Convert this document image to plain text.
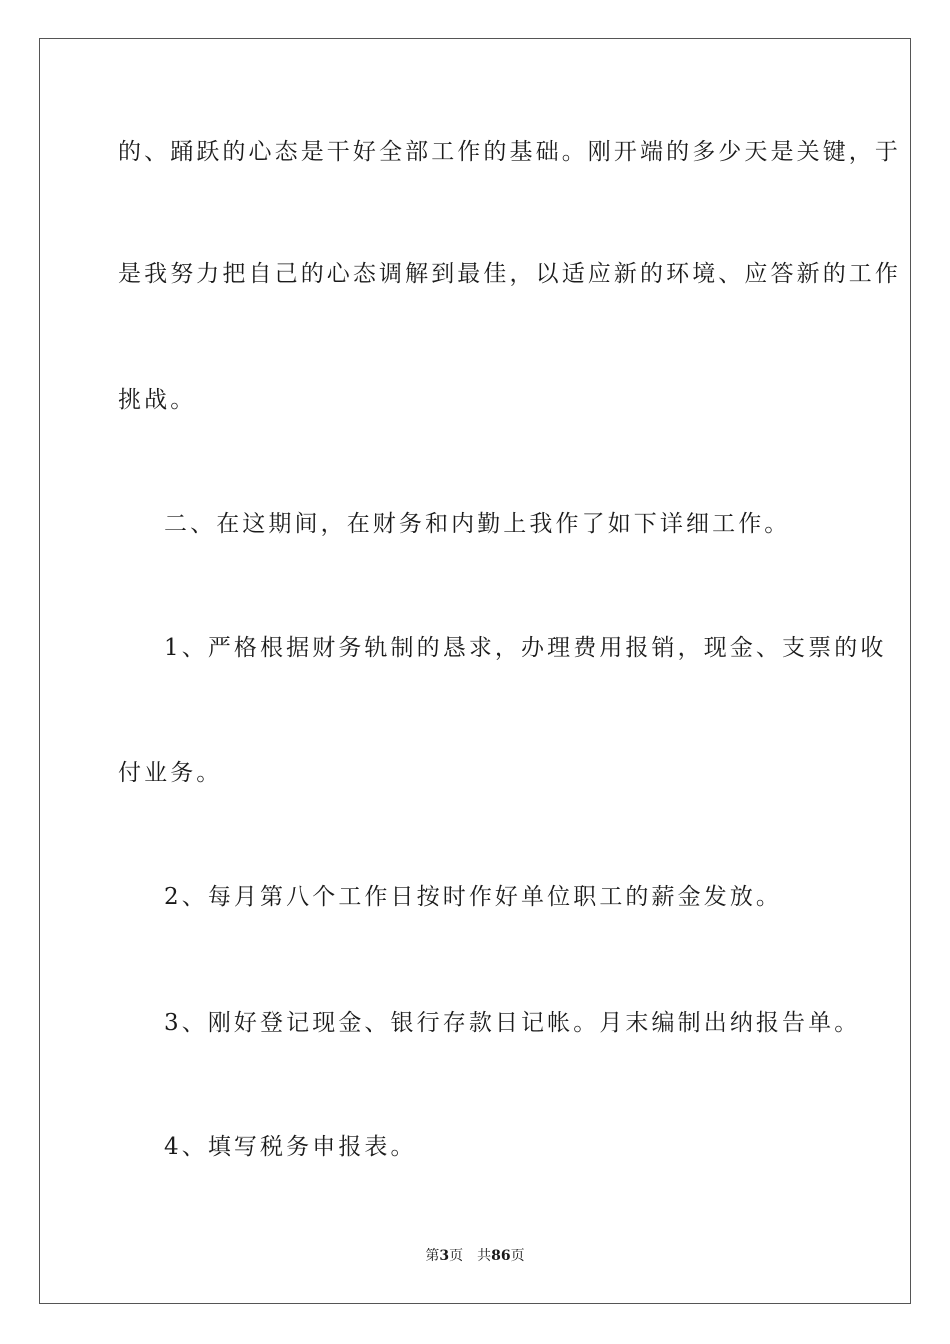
的、踊跃的心态是干好全部工作的基础。刚开端的多少天是关键，于
是我努力把自己的心态调解到最佳，以适应新的环境、应答新的工作
挑战。
二、在这期间，在财务和内勤上我作了如下详细工作。
1、严格根据财务轨制的恳求，办理费用报销，现金、支票的收
付业务。
2、每月第八个工作日按时作好单位职工的薪金发放。
3、刚好登记现金、银行存款日记帐。月末编制出纳报告单。
4、填写税务申报表。
第3页 共86页
